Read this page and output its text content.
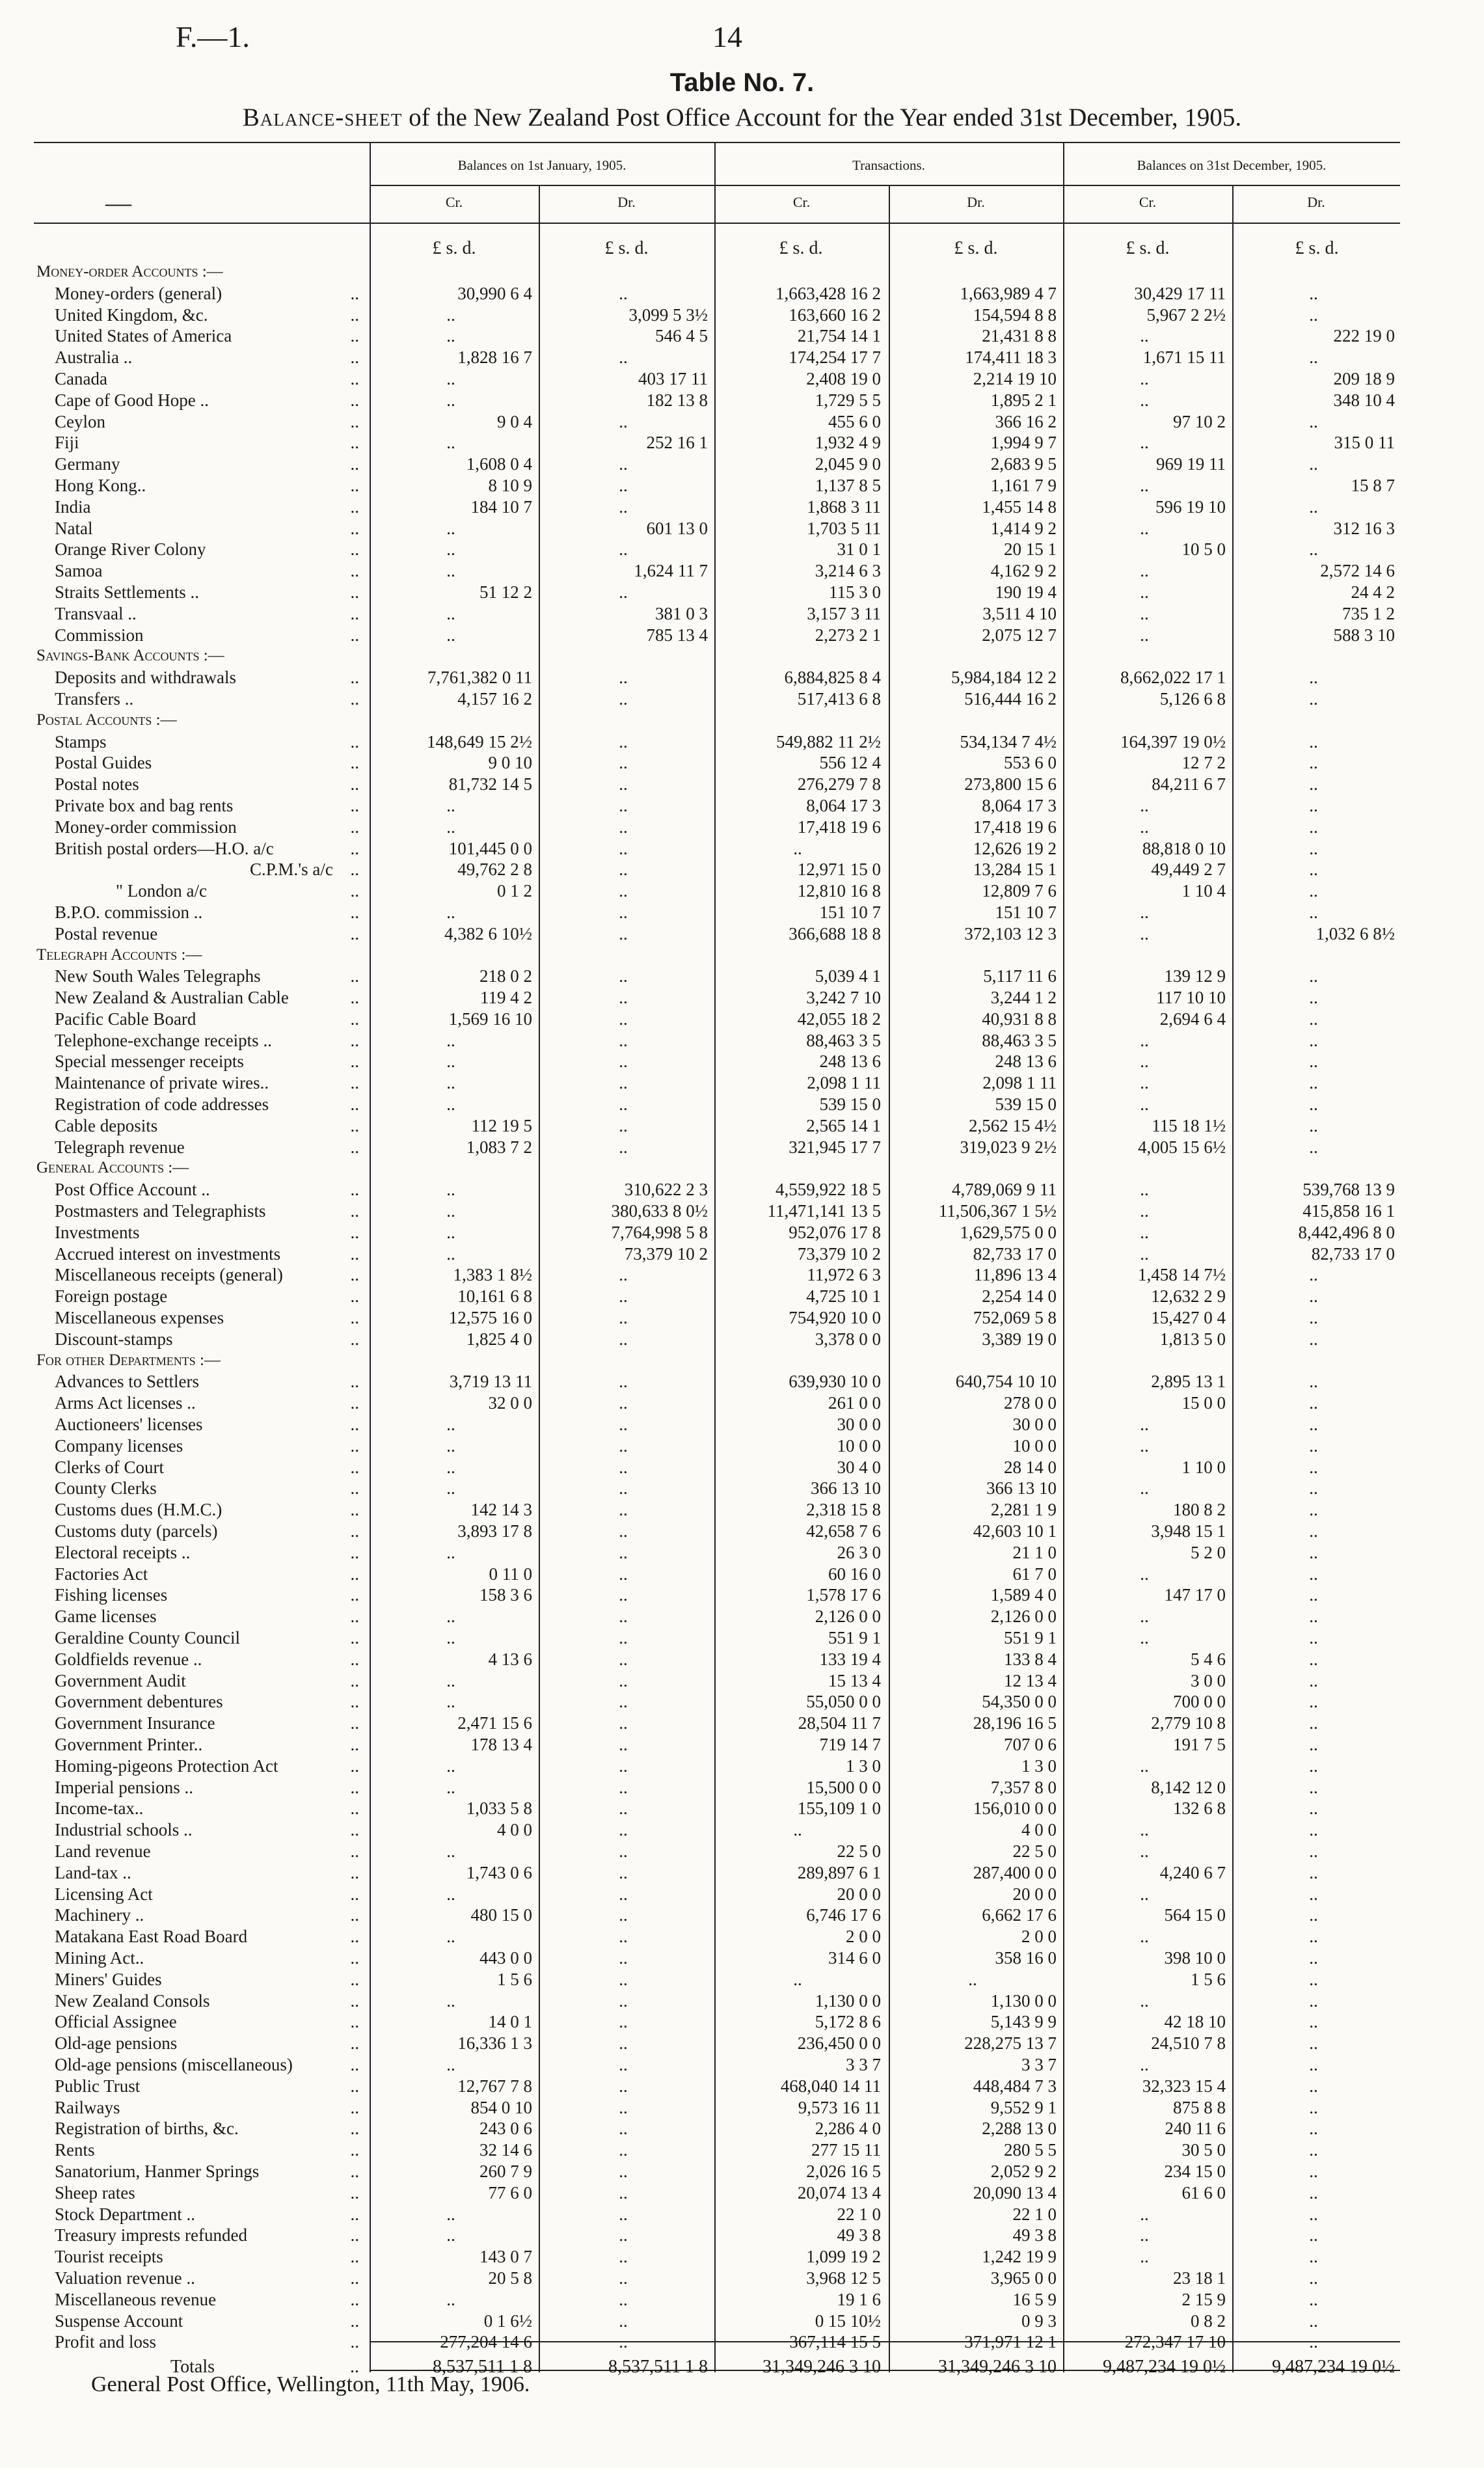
F.—1.	14
Table No. 7.
Balance-sheet of the New Zealand Post Office Account for the Year ended 31st December, 1905.
—
Balances on 1st January, 1905.	Transactions.	Balances on 31st December, 1905.
Cr.	Dr.	Cr.	Dr.	Cr.	Dr.
£ s. d.	£ s. d.	£ s. d.	£ s. d.	£ s. d.	£ s. d.
Money-order Accounts :—
Money-orders (general)	..	30,990 6 4	..	1,663,428 16 2	1,663,989 4 7	30,429 17 11	..
United Kingdom, &c.	..	..	3,099 5 3½	163,660 16 2	154,594 8 8	5,967 2 2½	..
United States of America	..	..	546 4 5	21,754 14 1	21,431 8 8	..	222 19 0
Australia ..	..	1,828 16 7	..	174,254 17 7	174,411 18 3	1,671 15 11	..
Canada	..	..	403 17 11	2,408 19 0	2,214 19 10	..	209 18 9
Cape of Good Hope ..	..	..	182 13 8	1,729 5 5	1,895 2 1	..	348 10 4
Ceylon	..	9 0 4	..	455 6 0	366 16 2	97 10 2	..
Fiji	..	..	252 16 1	1,932 4 9	1,994 9 7	..	315 0 11
Germany	..	1,608 0 4	..	2,045 9 0	2,683 9 5	969 19 11	..
Hong Kong..	..	8 10 9	..	1,137 8 5	1,161 7 9	..	15 8 7
India	..	184 10 7	..	1,868 3 11	1,455 14 8	596 19 10	..
Natal	..	..	601 13 0	1,703 5 11	1,414 9 2	..	312 16 3
Orange River Colony	..	..	..	31 0 1	20 15 1	10 5 0	..
Samoa	..	..	1,624 11 7	3,214 6 3	4,162 9 2	..	2,572 14 6
Straits Settlements ..	..	51 12 2	..	115 3 0	190 19 4	..	24 4 2
Transvaal ..	..	..	381 0 3	3,157 3 11	3,511 4 10	..	735 1 2
Commission	..	..	785 13 4	2,273 2 1	2,075 12 7	..	588 3 10
Savings-Bank Accounts :—
Deposits and withdrawals	..	7,761,382 0 11	..	6,884,825 8 4	5,984,184 12 2	8,662,022 17 1	..
Transfers ..	..	4,157 16 2	..	517,413 6 8	516,444 16 2	5,126 6 8	..
Postal Accounts :—
Stamps	..	148,649 15 2½	..	549,882 11 2½	534,134 7 4½	164,397 19 0½	..
Postal Guides	..	9 0 10	..	556 12 4	553 6 0	12 7 2	..
Postal notes	..	81,732 14 5	..	276,279 7 8	273,800 15 6	84,211 6 7	..
Private box and bag rents	..	..	..	8,064 17 3	8,064 17 3	..	..
Money-order commission	..	..	..	17,418 19 6	17,418 19 6	..	..
British postal orders—H.O. a/c	..	101,445 0 0	..	..	12,626 19 2	88,818 0 10	..
C.P.M.'s a/c ..	49,762 2 8	..	12,971 15 0	13,284 15 1	49,449 2 7	..
" London a/c	..	0 1 2	..	12,810 16 8	12,809 7 6	1 10 4	..
B.P.O. commission ..	..	..	..	151 10 7	151 10 7	..	..
Postal revenue	..	4,382 6 10½	..	366,688 18 8	372,103 12 3	..	1,032 6 8½
Telegraph Accounts :—
New South Wales Telegraphs	..	218 0 2	..	5,039 4 1	5,117 11 6	139 12 9	..
New Zealand & Australian Cable	..	119 4 2	..	3,242 7 10	3,244 1 2	117 10 10	..
Pacific Cable Board	..	1,569 16 10	..	42,055 18 2	40,931 8 8	2,694 6 4	..
Telephone-exchange receipts ..	..	..	..	88,463 3 5	88,463 3 5	..	..
Special messenger receipts	..	..	..	248 13 6	248 13 6	..	..
Maintenance of private wires..	..	..	..	2,098 1 11	2,098 1 11	..	..
Registration of code addresses	..	..	..	539 15 0	539 15 0	..	..
Cable deposits	..	112 19 5	..	2,565 14 1	2,562 15 4½	115 18 1½	..
Telegraph revenue	..	1,083 7 2	..	321,945 17 7	319,023 9 2½	4,005 15 6½	..
General Accounts :—
Post Office Account ..	..	..	310,622 2 3	4,559,922 18 5	4,789,069 9 11	..	539,768 13 9
Postmasters and Telegraphists	..	..	380,633 8 0½	11,471,141 13 5	11,506,367 1 5½	..	415,858 16 1
Investments	..	..	7,764,998 5 8	952,076 17 8	1,629,575 0 0	..	8,442,496 8 0
Accrued interest on investments	..	..	73,379 10 2	73,379 10 2	82,733 17 0	..	82,733 17 0
Miscellaneous receipts (general)	..	1,383 1 8½	..	11,972 6 3	11,896 13 4	1,458 14 7½	..
Foreign postage	..	10,161 6 8	..	4,725 10 1	2,254 14 0	12,632 2 9	..
Miscellaneous expenses	..	12,575 16 0	..	754,920 10 0	752,069 5 8	15,427 0 4	..
Discount-stamps	..	1,825 4 0	..	3,378 0 0	3,389 19 0	1,813 5 0	..
For other Departments :—
Advances to Settlers	..	3,719 13 11	..	639,930 10 0	640,754 10 10	2,895 13 1	..
Arms Act licenses ..	..	32 0 0	..	261 0 0	278 0 0	15 0 0	..
Auctioneers' licenses	..	..	..	30 0 0	30 0 0	..	..
Company licenses	..	..	..	10 0 0	10 0 0	..	..
Clerks of Court	..	..	..	30 4 0	28 14 0	1 10 0	..
County Clerks	..	..	..	366 13 10	366 13 10	..	..
Customs dues (H.M.C.)	..	142 14 3	..	2,318 15 8	2,281 1 9	180 8 2	..
Customs duty (parcels)	..	3,893 17 8	..	42,658 7 6	42,603 10 1	3,948 15 1	..
Electoral receipts ..	..	..	..	26 3 0	21 1 0	5 2 0	..
Factories Act	..	0 11 0	..	60 16 0	61 7 0	..	..
Fishing licenses	..	158 3 6	..	1,578 17 6	1,589 4 0	147 17 0	..
Game licenses	..	..	..	2,126 0 0	2,126 0 0	..	..
Geraldine County Council	..	..	..	551 9 1	551 9 1	..	..
Goldfields revenue ..	..	4 13 6	..	133 19 4	133 8 4	5 4 6	..
Government Audit	..	..	..	15 13 4	12 13 4	3 0 0	..
Government debentures	..	..	..	55,050 0 0	54,350 0 0	700 0 0	..
Government Insurance	..	2,471 15 6	..	28,504 11 7	28,196 16 5	2,779 10 8	..
Government Printer..	..	178 13 4	..	719 14 7	707 0 6	191 7 5	..
Homing-pigeons Protection Act	..	..	..	1 3 0	1 3 0	..	..
Imperial pensions ..	..	..	..	15,500 0 0	7,357 8 0	8,142 12 0	..
Income-tax..	..	1,033 5 8	..	155,109 1 0	156,010 0 0	132 6 8	..
Industrial schools ..	..	4 0 0	..	..	4 0 0	..	..
Land revenue	..	..	..	22 5 0	22 5 0	..	..
Land-tax ..	..	1,743 0 6	..	289,897 6 1	287,400 0 0	4,240 6 7	..
Licensing Act	..	..	..	20 0 0	20 0 0	..	..
Machinery ..	..	480 15 0	..	6,746 17 6	6,662 17 6	564 15 0	..
Matakana East Road Board	..	..	..	2 0 0	2 0 0	..	..
Mining Act..	..	443 0 0	..	314 6 0	358 16 0	398 10 0	..
Miners' Guides	..	1 5 6	..	..	..	1 5 6	..
New Zealand Consols	..	..	..	1,130 0 0	1,130 0 0	..	..
Official Assignee	..	14 0 1	..	5,172 8 6	5,143 9 9	42 18 10	..
Old-age pensions	..	16,336 1 3	..	236,450 0 0	228,275 13 7	24,510 7 8	..
Old-age pensions (miscellaneous)	..	..	..	3 3 7	3 3 7	..	..
Public Trust	..	12,767 7 8	..	468,040 14 11	448,484 7 3	32,323 15 4	..
Railways	..	854 0 10	..	9,573 16 11	9,552 9 1	875 8 8	..
Registration of births, &c.	..	243 0 6	..	2,286 4 0	2,288 13 0	240 11 6	..
Rents	..	32 14 6	..	277 15 11	280 5 5	30 5 0	..
Sanatorium, Hanmer Springs	..	260 7 9	..	2,026 16 5	2,052 9 2	234 15 0	..
Sheep rates	..	77 6 0	..	20,074 13 4	20,090 13 4	61 6 0	..
Stock Department ..	..	..	..	22 1 0	22 1 0	..	..
Treasury imprests refunded	..	..	..	49 3 8	49 3 8	..	..
Tourist receipts	..	143 0 7	..	1,099 19 2	1,242 19 9	..	..
Valuation revenue ..	..	20 5 8	..	3,968 12 5	3,965 0 0	23 18 1	..
Miscellaneous revenue	..	..	..	19 1 6	16 5 9	2 15 9	..
Suspense Account	..	0 1 6½	..	0 15 10½	0 9 3	0 8 2	..
Profit and loss	..	277,204 14 6	..	367,114 15 5	371,971 12 1	272,347 17 10	..
Totals	..	8,537,511 1 8	8,537,511 1 8	31,349,246 3 10	31,349,246 3 10	9,487,234 19 0½	9,487,234 19 0½
General Post Office, Wellington, 11th May, 1906.
